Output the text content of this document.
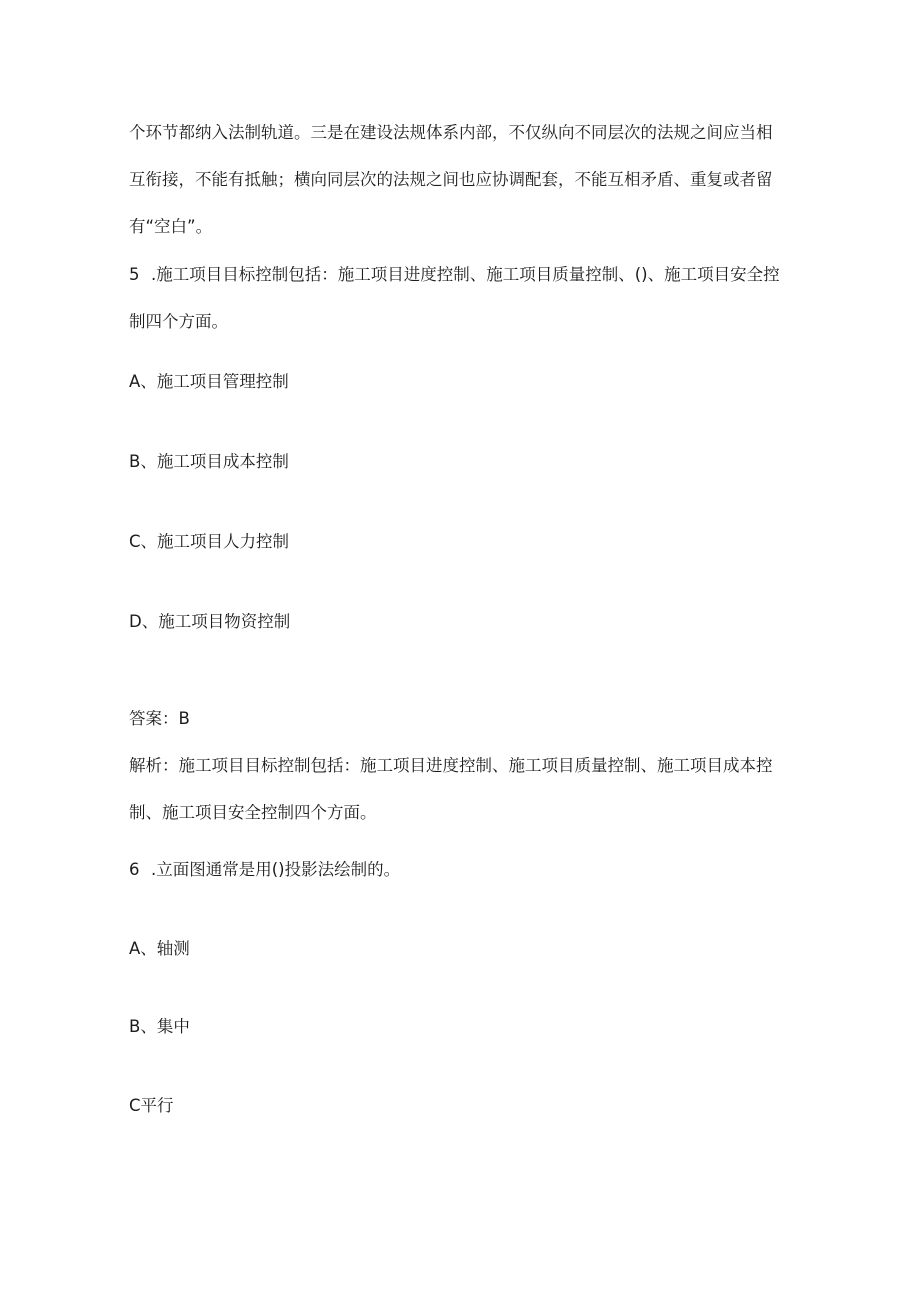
个环节都纳入法制轨道。三是在建设法规体系内部，不仅纵向不同层次的法规之间应当相
互衔接，不能有抵触；横向同层次的法规之间也应协调配套，不能互相矛盾、重复或者留
有“空白”。
5 .施工项目目标控制包括：施工项目进度控制、施工项目质量控制、()、施工项目安全控
制四个方面。
A、施工项目管理控制
B、施工项目成本控制
C、施工项目人力控制
D、施工项目物资控制
答案：B
解析：施工项目目标控制包括：施工项目进度控制、施工项目质量控制、施工项目成本控
制、施工项目安全控制四个方面。
6 .立面图通常是用()投影法绘制的。
A、轴测
B、集中
C平行
